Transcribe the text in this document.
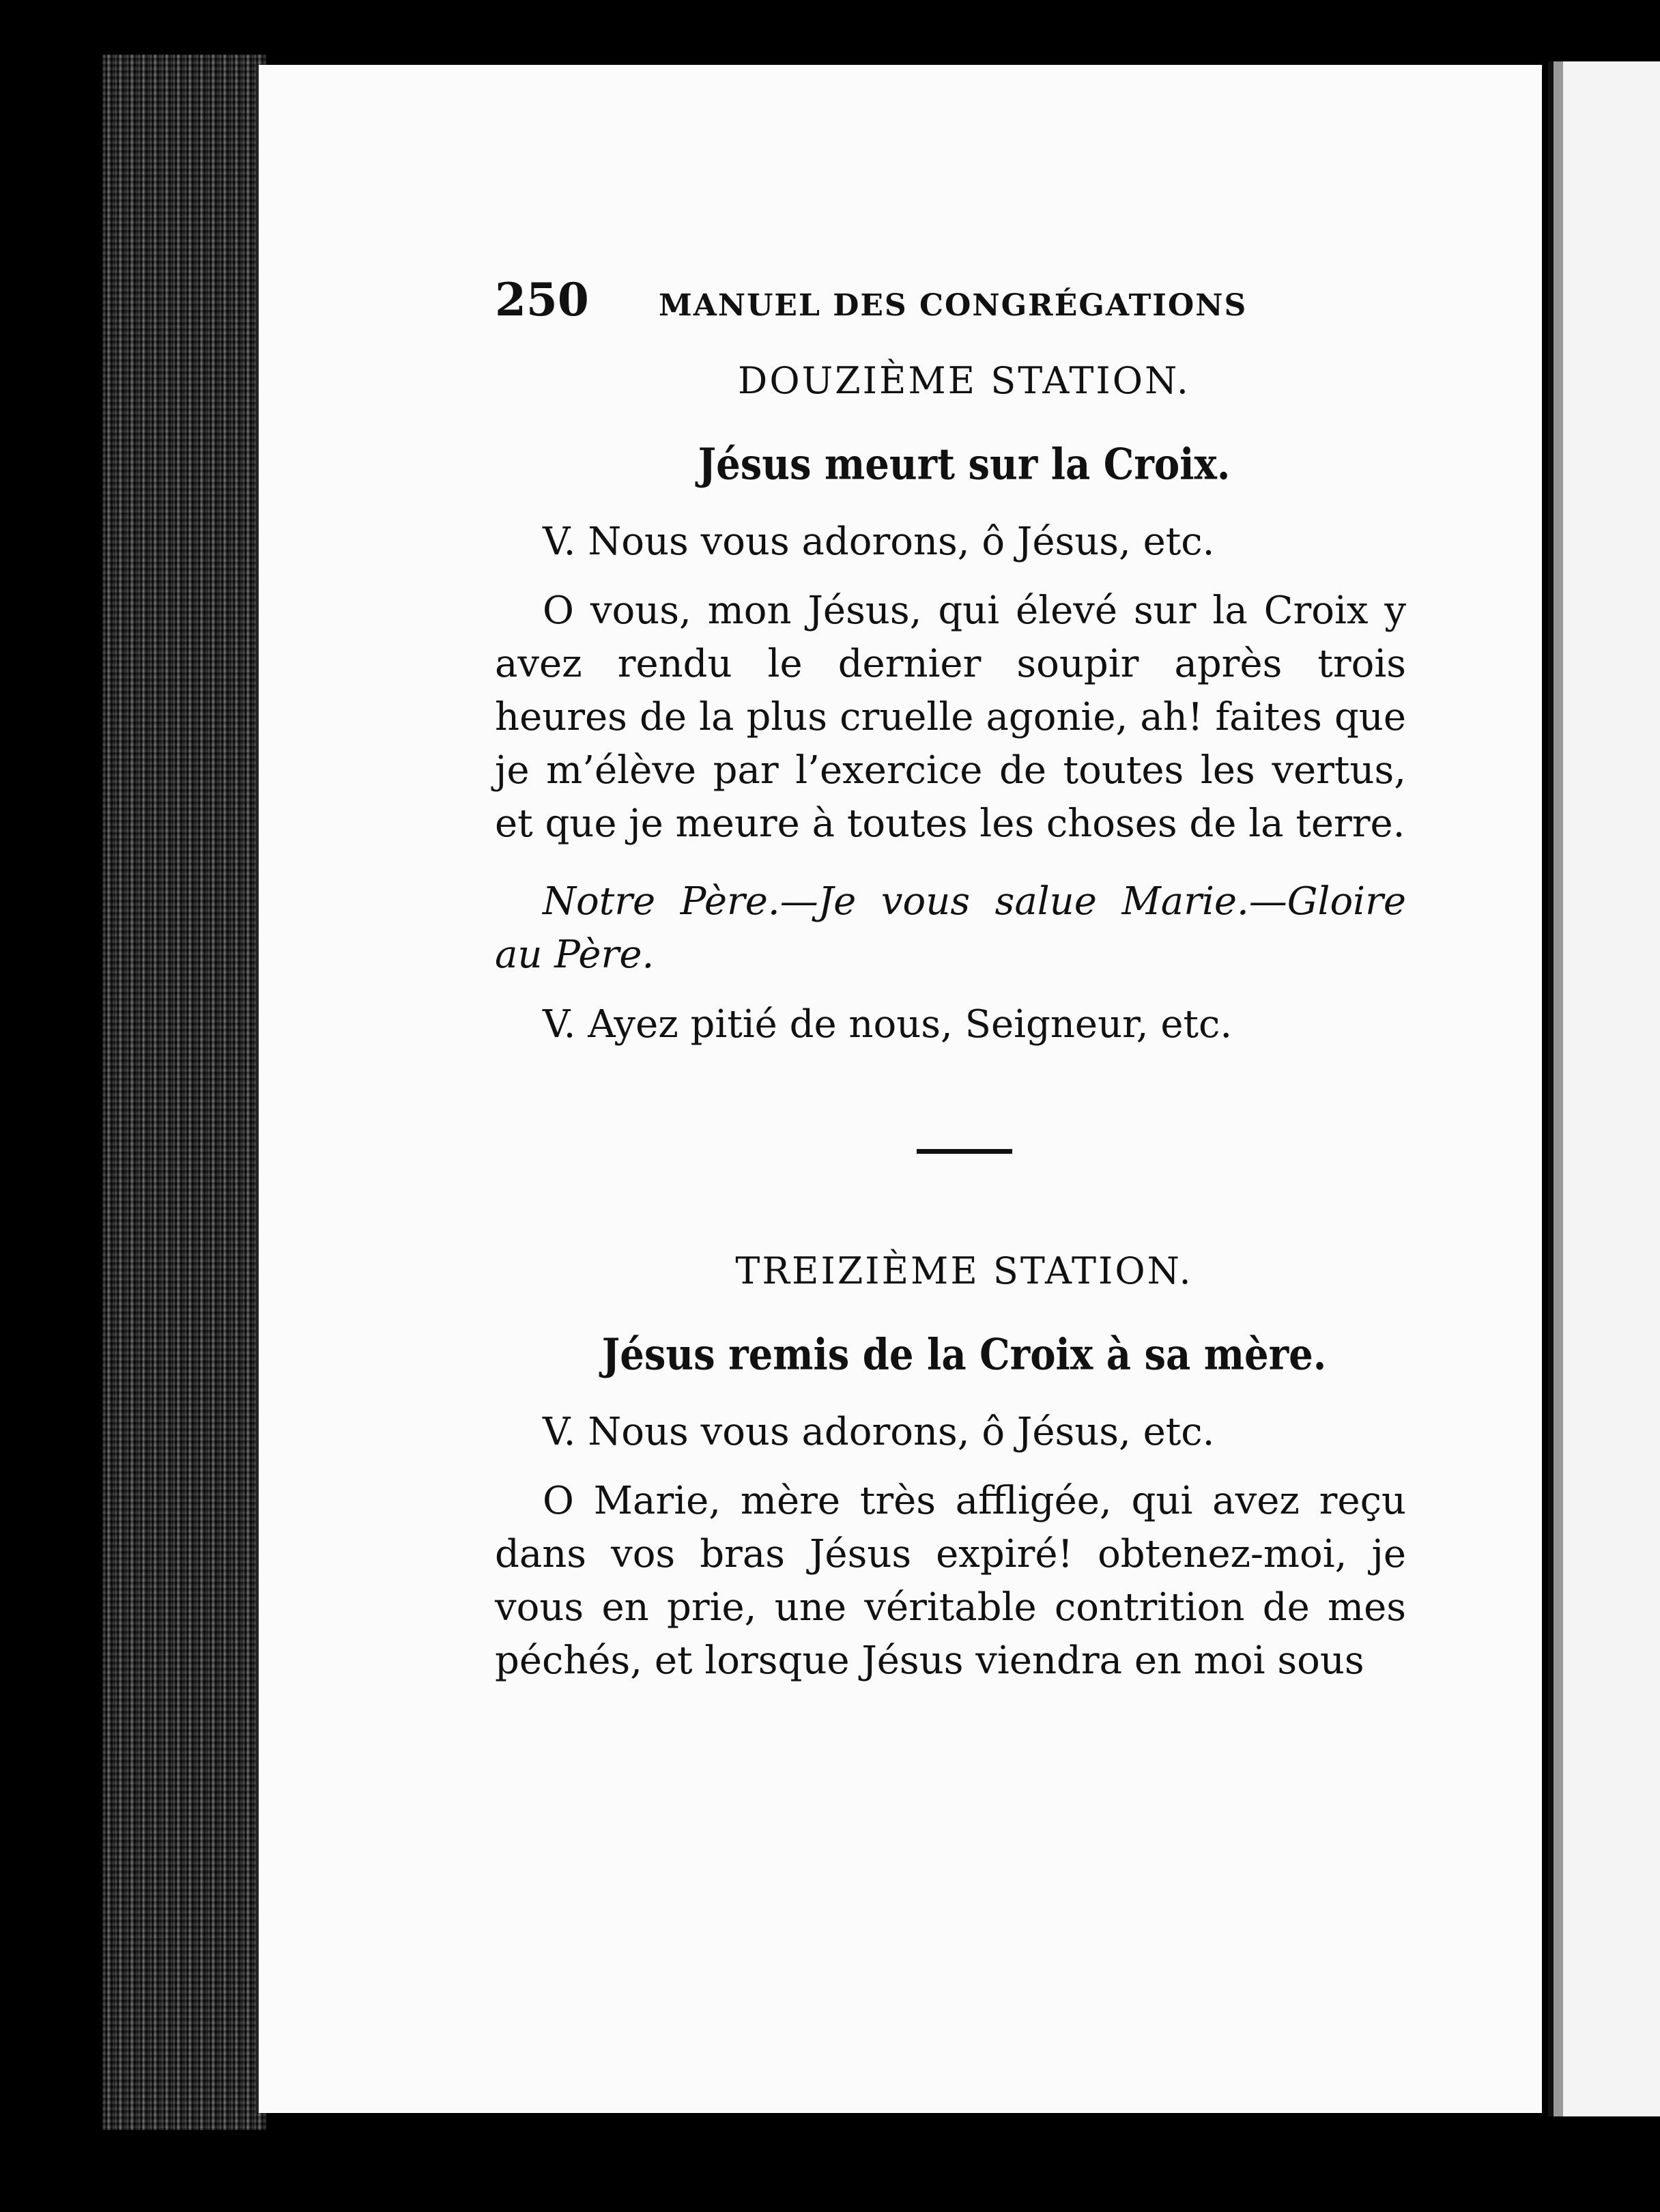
250	MANUEL DES CONGRÉGATIONS

DOUZIÈME STATION.

Jésus meurt sur la Croix.

V. Nous vous adorons, ô Jésus, etc.

O vous, mon Jésus, qui élevé sur la Croix y avez rendu le dernier soupir après trois heures de la plus cruelle agonie, ah! faites que je m’élève par l’exercice de toutes les vertus, et que je meure à toutes les choses de la terre.

Notre Père.—Je vous salue Marie.—Gloire au Père.

V. Ayez pitié de nous, Seigneur, etc.

TREIZIÈME STATION.

Jésus remis de la Croix à sa mère.

V. Nous vous adorons, ô Jésus, etc.

O Marie, mère très affligée, qui avez reçu dans vos bras Jésus expiré! obtenez-moi, je vous en prie, une véritable contrition de mes péchés, et lorsque Jésus viendra en moi sous
